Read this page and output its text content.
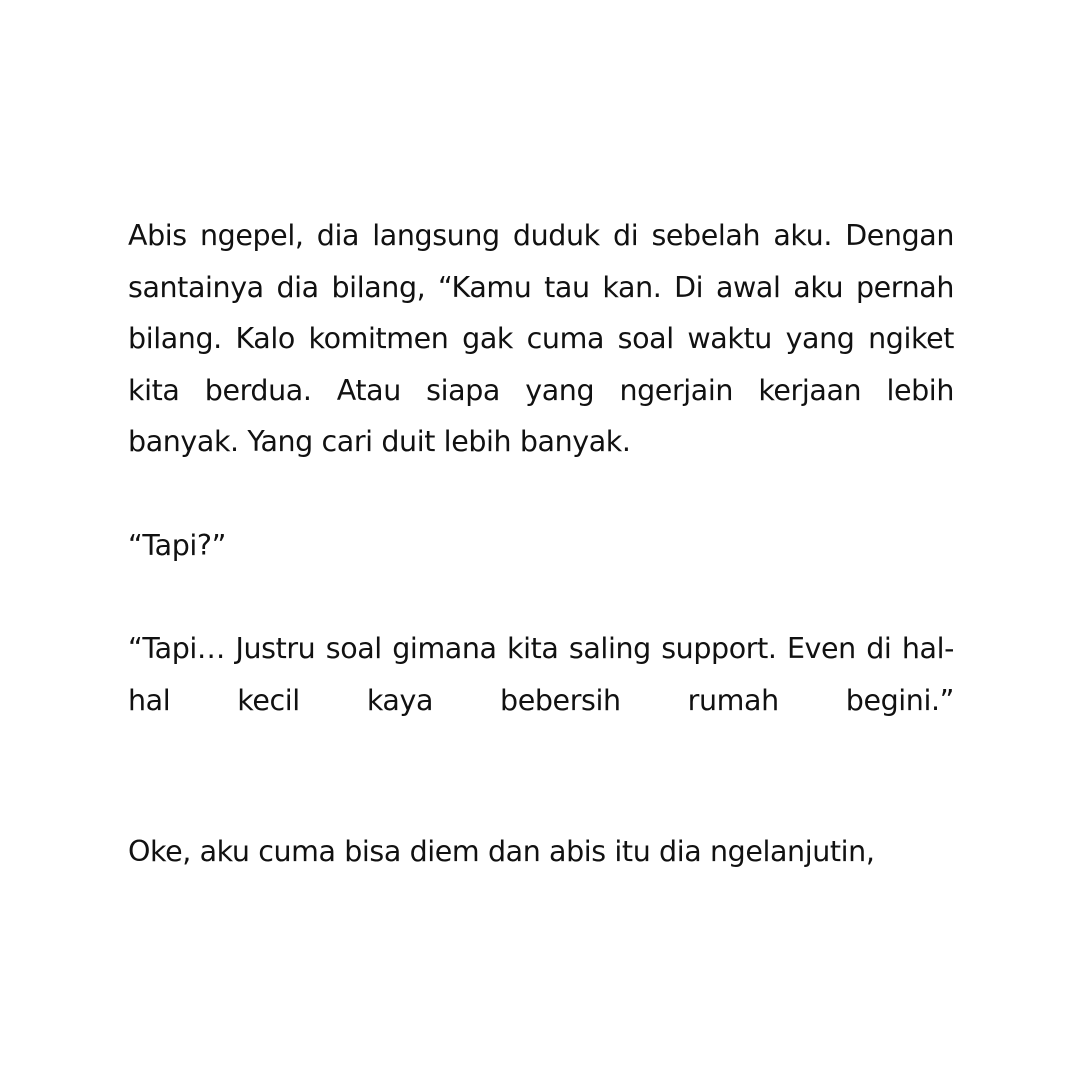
Abis ngepel, dia langsung duduk di sebelah aku. Dengan santainya dia bilang, “Kamu tau kan. Di awal aku pernah bilang. Kalo komitmen gak cuma soal waktu yang ngiket kita berdua. Atau siapa yang ngerjain kerjaan lebih banyak. Yang cari duit lebih banyak.

“Tapi?”

“Tapi… Justru soal gimana kita saling support. Even di hal-hal kecil kaya bebersih rumah begini.”

Oke, aku cuma bisa diem dan abis itu dia ngelanjutin,
